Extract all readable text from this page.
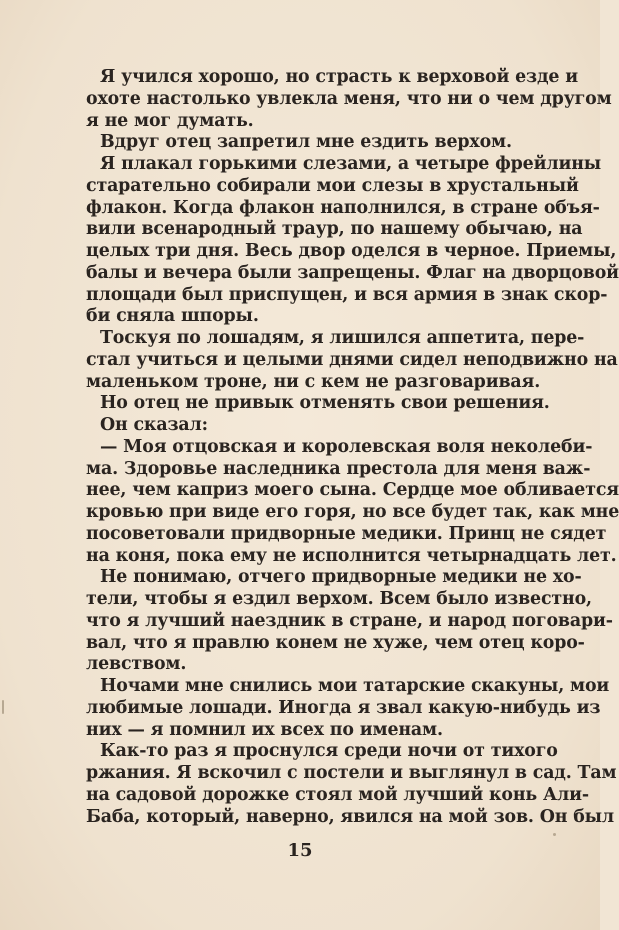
Я учился хорошо, но страсть к верховой езде и
охоте настолько увлекла меня, что ни о чем другом
я не мог думать.
Вдруг отец запретил мне ездить верхом.
Я плакал горькими слезами, а четыре фрейлины
старательно собирали мои слезы в хрустальный
флакон. Когда флакон наполнился, в стране объя-
вили всенародный траур, по нашему обычаю, на
целых три дня. Весь двор оделся в черное. Приемы,
балы и вечера были запрещены. Флаг на дворцовой
площади был приспущен, и вся армия в знак скор-
би сняла шпоры.
Тоскуя по лошадям, я лишился аппетита, пере-
стал учиться и целыми днями сидел неподвижно на
маленьком троне, ни с кем не разговаривая.
Но отец не привык отменять свои решения.
Он сказал:
— Моя отцовская и королевская воля неколеби-
ма. Здоровье наследника престола для меня важ-
нее, чем каприз моего сына. Сердце мое обливается
кровью при виде его горя, но все будет так, как мне
посоветовали придворные медики. Принц не сядет
на коня, пока ему не исполнится четырнадцать лет.
Не понимаю, отчего придворные медики не хо-
тели, чтобы я ездил верхом. Всем было известно,
что я лучший наездник в стране, и народ поговари-
вал, что я правлю конем не хуже, чем отец коро-
левством.
Ночами мне снились мои татарские скакуны, мои
любимые лошади. Иногда я звал какую-нибудь из
них — я помнил их всех по именам.
Как-то раз я проснулся среди ночи от тихого
ржания. Я вскочил с постели и выглянул в сад. Там
на садовой дорожке стоял мой лучший конь Али-
Баба, который, наверно, явился на мой зов. Он был
15
